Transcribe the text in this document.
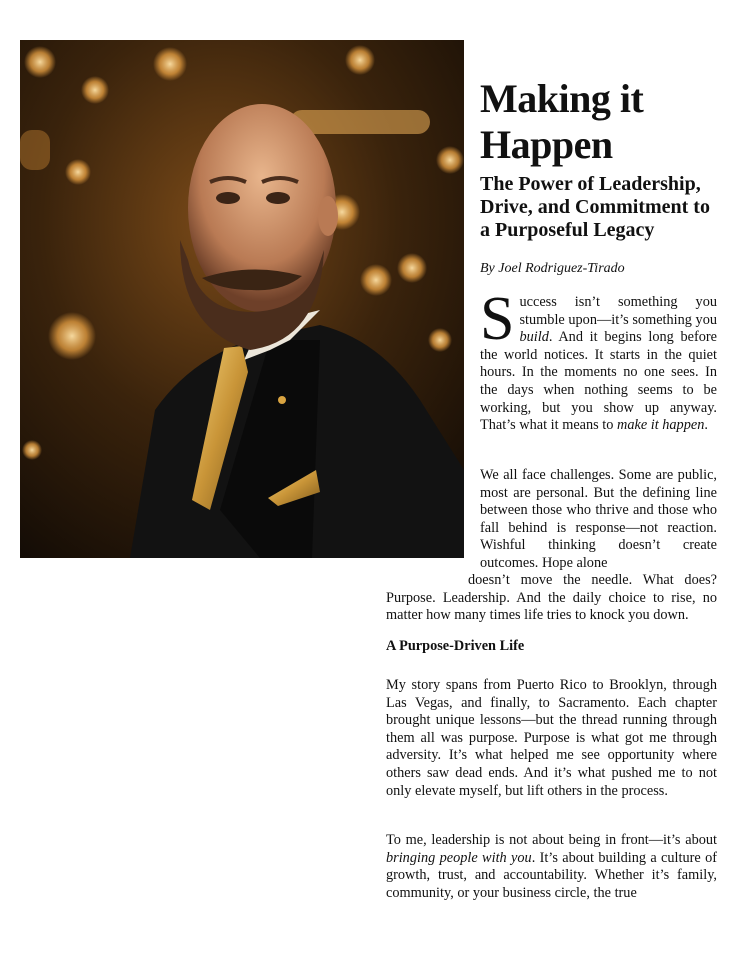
Making it
Happen
The Power of Leadership, Drive, and Commitment to a Purposeful Legacy

By Joel Rodriguez-Tirado

Success isn’t something you stumble upon—it’s something you build. And it begins long before the world notices. It starts in the quiet hours. In the moments no one sees. In the days when nothing seems to be working, but you show up anyway. That’s what it means to make it happen.

We all face challenges. Some are public, most are personal. But the defining line between those who thrive and those who fall behind is response—not reaction. Wishful thinking doesn’t create outcomes. Hope alone

doesn’t move the needle. What does? Purpose. Leadership. And the daily choice to rise, no matter how many times life tries to knock you down.

A Purpose-Driven Life

My story spans from Puerto Rico to Brooklyn, through Las Vegas, and finally, to Sacramento. Each chapter brought unique lessons—but the thread running through them all was purpose. Purpose is what got me through adversity. It’s what helped me see opportunity where others saw dead ends. And it’s what pushed me to not only elevate myself, but lift others in the process.

To me, leadership is not about being in front—it’s about bringing people with you. It’s about building a culture of growth, trust, and accountability. Whether it’s family, community, or your business circle, the true
